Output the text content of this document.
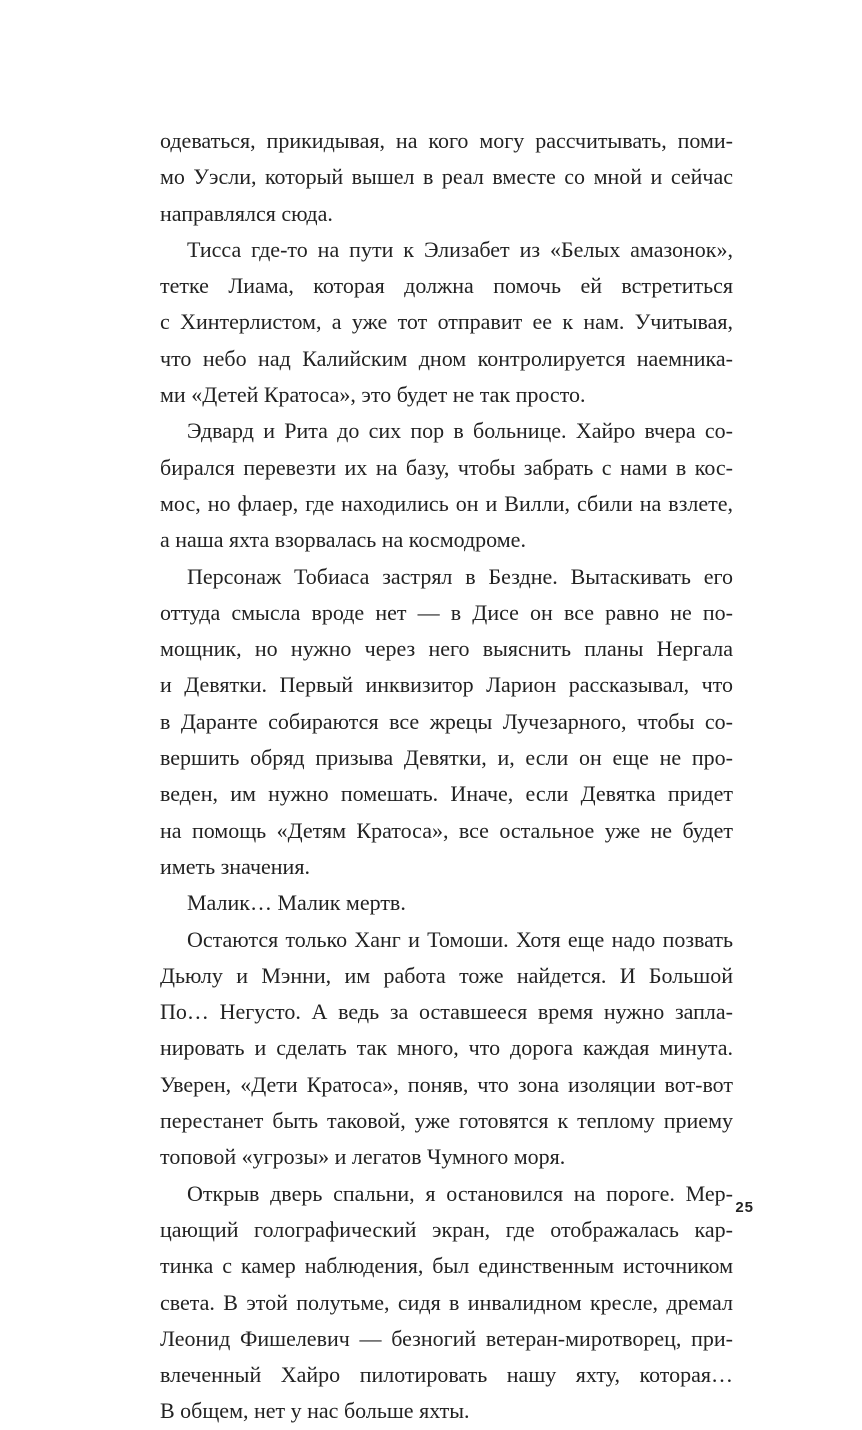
одеваться, прикидывая, на кого могу рассчитывать, поми-
мо Уэсли, который вышел в реал вместе со мной и сейчас
направлялся сюда.
Тисса где-то на пути к Элизабет из «Белых амазонок»,
тетке Лиама, которая должна помочь ей встретиться
с Хинтерлистом, а уже тот отправит ее к нам. Учитывая,
что небо над Калийским дном контролируется наемника-
ми «Детей Кратоса», это будет не так просто.
Эдвард и Рита до сих пор в больнице. Хайро вчера со-
бирался перевезти их на базу, чтобы забрать с нами в кос-
мос, но флаер, где находились он и Вилли, сбили на взлете,
а наша яхта взорвалась на космодроме.
Персонаж Тобиаса застрял в Бездне. Вытаскивать его
оттуда смысла вроде нет — в Дисе он все равно не по-
мощник, но нужно через него выяснить планы Нергала
и Девятки. Первый инквизитор Ларион рассказывал, что
в Даранте собираются все жрецы Лучезарного, чтобы со-
вершить обряд призыва Девятки, и, если он еще не про-
веден, им нужно помешать. Иначе, если Девятка придет
на помощь «Детям Кратоса», все остальное уже не будет
иметь значения.
Малик… Малик мертв.
Остаются только Ханг и Томоши. Хотя еще надо позвать
Дьюлу и Мэнни, им работа тоже найдется. И Большой
По… Негусто. А ведь за оставшееся время нужно запла-
нировать и сделать так много, что дорога каждая минута.
Уверен, «Дети Кратоса», поняв, что зона изоляции вот-вот
перестанет быть таковой, уже готовятся к теплому приему
топовой «угрозы» и легатов Чумного моря.
Открыв дверь спальни, я остановился на пороге. Мер-
цающий голографический экран, где отображалась кар-
тинка с камер наблюдения, был единственным источником
света. В этой полутьме, сидя в инвалидном кресле, дремал
Леонид Фишелевич — безногий ветеран-миротворец, при-
влеченный Хайро пилотировать нашу яхту, которая…
В общем, нет у нас больше яхты.
25
